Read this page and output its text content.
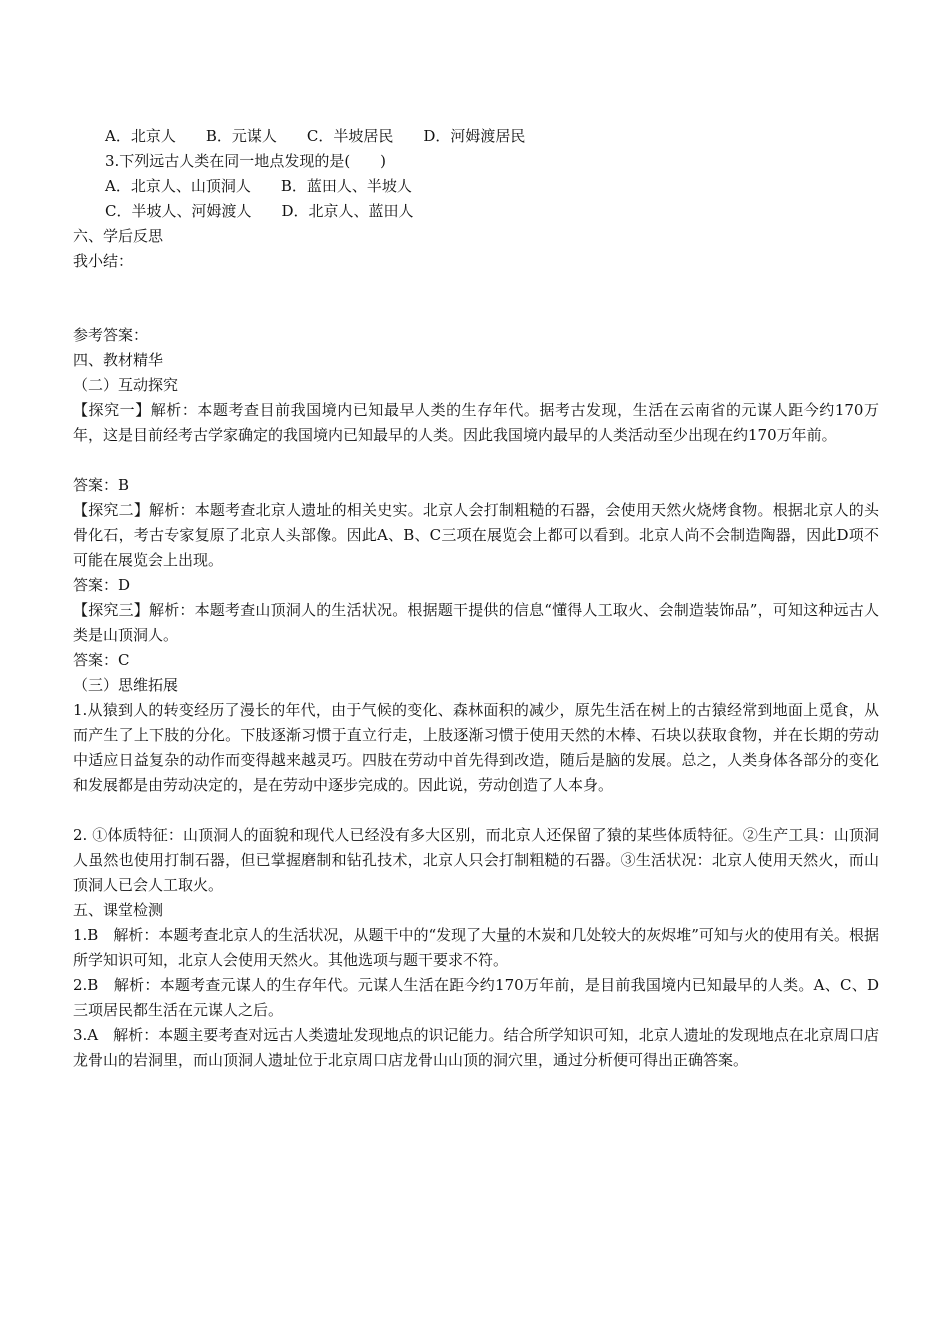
A．北京人　　B．元谋人　　C．半坡居民　　D．河姆渡居民
3.下列远古人类在同一地点发现的是(　　)
A．北京人、山顶洞人　　B．蓝田人、半坡人
C．半坡人、河姆渡人　　D．北京人、蓝田人
六、学后反思
我小结：
参考答案：
四、教材精华
（二）互动探究
【探究一】解析：本题考查目前我国境内已知最早人类的生存年代。据考古发现，生活在云南省的元谋人距今约170万年，这是目前经考古学家确定的我国境内已知最早的人类。因此我国境内最早的人类活动至少出现在约170万年前。
答案：B
【探究二】解析：本题考查北京人遗址的相关史实。北京人会打制粗糙的石器，会使用天然火烧烤食物。根据北京人的头骨化石，考古专家复原了北京人头部像。因此A、B、C三项在展览会上都可以看到。北京人尚不会制造陶器，因此D项不可能在展览会上出现。
答案：D
【探究三】解析：本题考查山顶洞人的生活状况。根据题干提供的信息“懂得人工取火、会制造装饰品”，可知这种远古人类是山顶洞人。
答案：C
（三）思维拓展
1.从猿到人的转变经历了漫长的年代，由于气候的变化、森林面积的减少，原先生活在树上的古猿经常到地面上觅食，从而产生了上下肢的分化。下肢逐渐习惯于直立行走，上肢逐渐习惯于使用天然的木棒、石块以获取食物，并在长期的劳动中适应日益复杂的动作而变得越来越灵巧。四肢在劳动中首先得到改造，随后是脑的发展。总之，人类身体各部分的变化和发展都是由劳动决定的，是在劳动中逐步完成的。因此说，劳动创造了人本身。
2. ①体质特征：山顶洞人的面貌和现代人已经没有多大区别，而北京人还保留了猿的某些体质特征。②生产工具：山顶洞人虽然也使用打制石器，但已掌握磨制和钻孔技术，北京人只会打制粗糙的石器。③生活状况：北京人使用天然火，而山顶洞人已会人工取火。
五、课堂检测
1.B　解析：本题考查北京人的生活状况，从题干中的“发现了大量的木炭和几处较大的灰烬堆”可知与火的使用有关。根据所学知识可知，北京人会使用天然火。其他选项与题干要求不符。
2.B　解析：本题考查元谋人的生存年代。元谋人生活在距今约170万年前，是目前我国境内已知最早的人类。A、C、D三项居民都生活在元谋人之后。
3.A　解析：本题主要考查对远古人类遗址发现地点的识记能力。结合所学知识可知，北京人遗址的发现地点在北京周口店龙骨山的岩洞里，而山顶洞人遗址位于北京周口店龙骨山山顶的洞穴里，通过分析便可得出正确答案。
